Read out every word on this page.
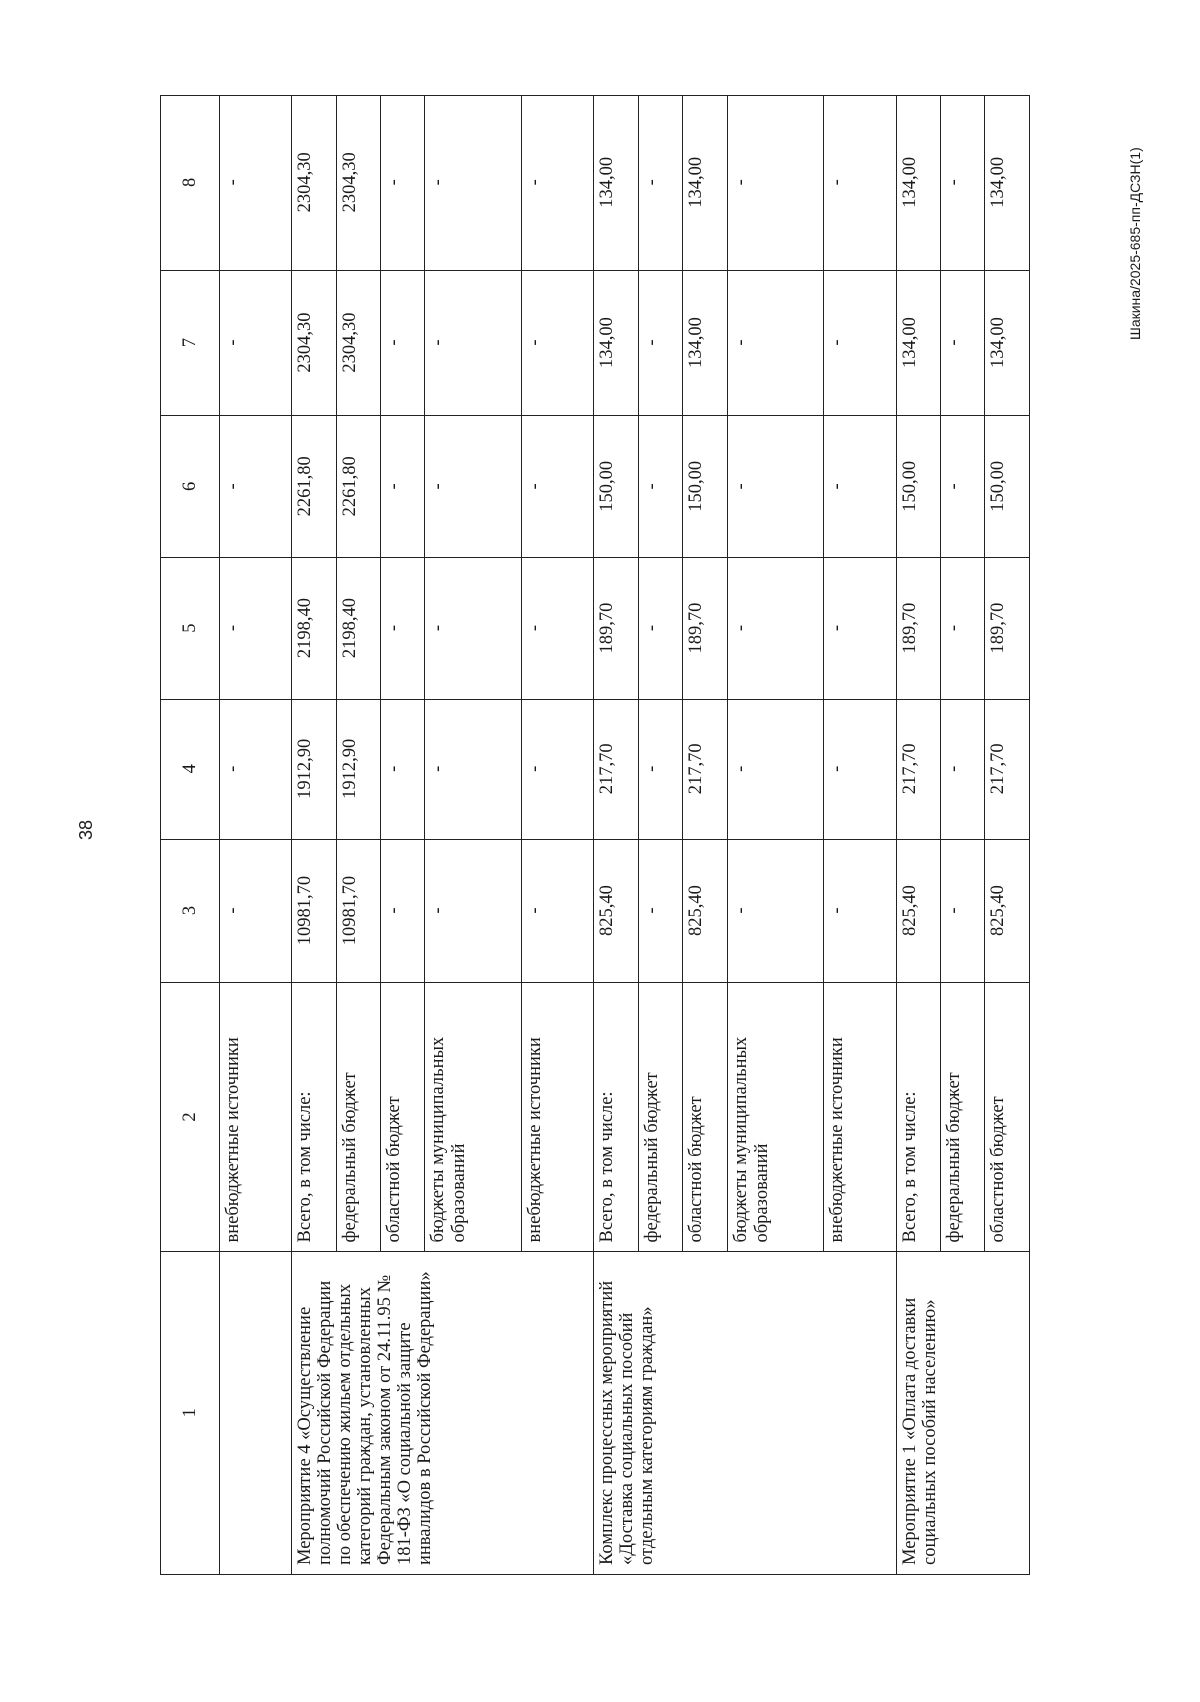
38
1	2	3	4	5	6	7	8
	внебюджетные источники	-	-	-	-	-	-
Мероприятие 4 «Осуществление полномочий Российской Федерации по обеспечению жильем отдельных категорий граждан, установленных Федеральным законом от 24.11.95 № 181-ФЗ «О социальной защите инвалидов в Российской Федерации»	Всего, в том числе:	10981,70	1912,90	2198,40	2261,80	2304,30	2304,30
	федеральный бюджет	10981,70	1912,90	2198,40	2261,80	2304,30	2304,30
	областной бюджет	-	-	-	-	-	-
	бюджеты муниципальных образований	-	-	-	-	-	-
	внебюджетные источники	-	-	-	-	-	-
Комплекс процессных мероприятий «Доставка социальных пособий отдельным категориям граждан»	Всего, в том числе:	825,40	217,70	189,70	150,00	134,00	134,00
	федеральный бюджет	-	-	-	-	-	-
	областной бюджет	825,40	217,70	189,70	150,00	134,00	134,00
	бюджеты муниципальных образований	-	-	-	-	-	-
	внебюджетные источники	-	-	-	-	-	-
Мероприятие 1 «Оплата доставки социальных пособий населению»	Всего, в том числе:	825,40	217,70	189,70	150,00	134,00	134,00
	федеральный бюджет	-	-	-	-	-	-
	областной бюджет	825,40	217,70	189,70	150,00	134,00	134,00	Шакина/2025-685-пп-ДСЗН(1)
